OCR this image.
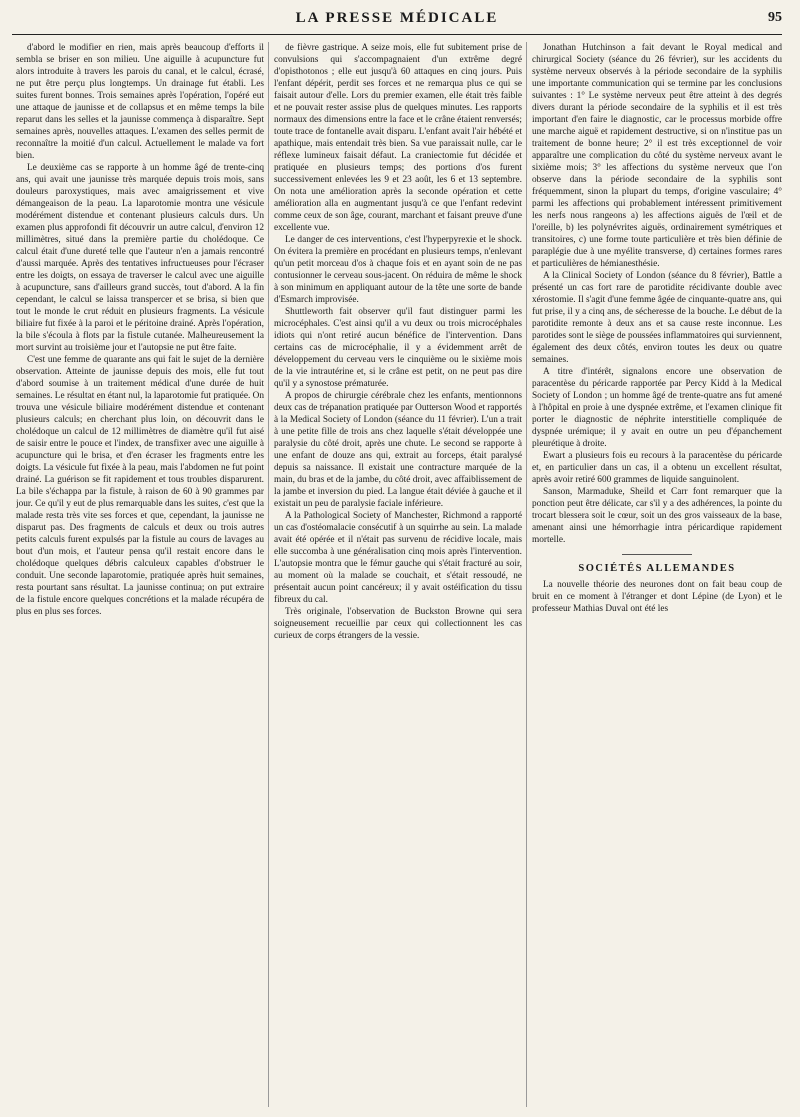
LA PRESSE MÉDICALE	95

d'abord le modifier en rien, mais après beaucoup d'efforts il sembla se briser en son milieu. Une aiguille à acupuncture fut alors introduite à travers les parois du canal, et le calcul, écrasé, ne put être perçu plus longtemps. Un drainage fut établi. Les suites furent bonnes. Trois semaines après l'opération, l'opéré eut une attaque de jaunisse et de collapsus et en même temps la bile reparut dans les selles et la jaunisse commença à disparaître. Sept semaines après, nouvelles attaques. L'examen des selles permit de reconnaître la moitié d'un calcul. Actuellement le malade va fort bien.

Le deuxième cas se rapporte à un homme âgé de trente-cinq ans, qui avait une jaunisse très marquée depuis trois mois, sans douleurs paroxystiques, mais avec amaigrissement et vive démangeaison de la peau. La laparotomie montra une vésicule modérément distendue et contenant plusieurs calculs durs. Un examen plus approfondi fit découvrir un autre calcul, d'environ 12 millimètres, situé dans la première partie du cholédoque. Ce calcul était d'une dureté telle que l'auteur n'en a jamais rencontré d'aussi marquée. Après des tentatives infructueuses pour l'écraser entre les doigts, on essaya de traverser le calcul avec une aiguille à acupuncture, sans d'ailleurs grand succès, tout d'abord. A la fin cependant, le calcul se laissa transpercer et se brisa, si bien que tout le monde le crut réduit en plusieurs fragments. La vésicule biliaire fut fixée à la paroi et le péritoine drainé. Après l'opération, la bile s'écoula à flots par la fistule cutanée. Malheureusement la mort survint au troisième jour et l'autopsie ne put être faite.

C'est une femme de quarante ans qui fait le sujet de la dernière observation. Atteinte de jaunisse depuis des mois, elle fut tout d'abord soumise à un traitement médical d'une durée de huit semaines. Le résultat en étant nul, la laparotomie fut pratiquée. On trouva une vésicule biliaire modérément distendue et contenant plusieurs calculs; en cherchant plus loin, on découvrit dans le cholédoque un calcul de 12 millimètres de diamètre qu'il fut aisé de saisir entre le pouce et l'index, de transfixer avec une aiguille à acupuncture qui le brisa, et d'en écraser les fragments entre les doigts. La vésicule fut fixée à la peau, mais l'abdomen ne fut point drainé. La guérison se fit rapidement et tous troubles disparurent. La bile s'échappa par la fistule, à raison de 60 à 90 grammes par jour. Ce qu'il y eut de plus remarquable dans les suites, c'est que la malade resta très vite ses forces et que, cependant, la jaunisse ne disparut pas. Des fragments de calculs et deux ou trois autres petits calculs furent expulsés par la fistule au cours de lavages au bout d'un mois, et l'auteur pensa qu'il restait encore dans le cholédoque quelques débris calculeux capables d'obstruer le conduit. Une seconde laparotomie, pratiquée après huit semaines, resta pourtant sans résultat. La jaunisse continua; on put extraire de la fistule encore quelques concrétions et la malade récupéra de plus en plus ses forces.

de fièvre gastrique. A seize mois, elle fut subitement prise de convulsions qui s'accompagnaient d'un extrême degré d'opisthotonos ; elle eut jusqu'à 60 attaques en cinq jours. Puis l'enfant dépérit, perdit ses forces et ne remarqua plus ce qui se faisait autour d'elle. Lors du premier examen, elle était très faible et ne pouvait rester assise plus de quelques minutes. Les rapports normaux des dimensions entre la face et le crâne étaient renversés; toute trace de fontanelle avait disparu. L'enfant avait l'air hébété et apathique, mais entendait très bien. Sa vue paraissait nulle, car le réflexe lumineux faisait défaut. La craniectomie fut décidée et pratiquée en plusieurs temps; des portions d'os furent successivement enlevées les 9 et 23 août, les 6 et 13 septembre. On nota une amélioration après la seconde opération et cette amélioration alla en augmentant jusqu'à ce que l'enfant redevint comme ceux de son âge, courant, marchant et faisant preuve d'une excellente vue.

Le danger de ces interventions, c'est l'hyperpyrexie et le shock. On évitera la première en procédant en plusieurs temps, n'enlevant qu'un petit morceau d'os à chaque fois et en ayant soin de ne pas contusionner le cerveau sous-jacent. On réduira de même le shock à son minimum en appliquant autour de la tête une sorte de bande d'Esmarch improvisée.

Shuttleworth fait observer qu'il faut distinguer parmi les microcéphales. C'est ainsi qu'il a vu deux ou trois microcéphales idiots qui n'ont retiré aucun bénéfice de l'intervention. Dans certains cas de microcéphalie, il y a évidemment arrêt de développement du cerveau vers le cinquième ou le sixième mois de la vie intrautérine et, si le crâne est petit, on ne peut pas dire qu'il y a synostose prématurée.

A propos de chirurgie cérébrale chez les enfants, mentionnons deux cas de trépanation pratiquée par Outterson Wood et rapportés à la Medical Society of London (séance du 11 février). L'un a trait à une petite fille de trois ans chez laquelle s'était développée une paralysie du côté droit, après une chute. Le second se rapporte à une enfant de douze ans qui, extrait au forceps, était paralysé depuis sa naissance. Il existait une contracture marquée de la main, du bras et de la jambe, du côté droit, avec affaiblissement de la jambe et inversion du pied. La langue était déviée à gauche et il existait un peu de paralysie faciale inférieure.

A la Pathological Society of Manchester, Richmond a rapporté un cas d'ostéomalacie consécutif à un squirrhe au sein. La malade avait été opérée et il n'était pas survenu de récidive locale, mais elle succomba à une généralisation cinq mois après l'intervention. L'autopsie montra que le fémur gauche qui s'était fracturé au soir, au moment où la malade se couchait, et s'était ressoudé, ne présentait aucun point cancéreux; il y avait ostéification du tissu fibreux du cal.

Très originale, l'observation de Buckston Browne qui sera soigneusement recueillie par ceux qui collectionnent les cas curieux de corps étrangers de la vessie.

Jonathan Hutchinson a fait devant le Royal medical and chirurgical Society (séance du 26 février), sur les accidents du système nerveux observés à la période secondaire de la syphilis une importante communication qui se termine par les conclusions suivantes : 1° Le système nerveux peut être atteint à des degrés divers durant la période secondaire de la syphilis et il est très important d'en faire le diagnostic, car le processus morbide offre une marche aiguë et rapidement destructive, si on n'institue pas un traitement de bonne heure; 2° il est très exceptionnel de voir apparaître une complication du côté du système nerveux avant le sixième mois; 3° les affections du système nerveux que l'on observe dans la période secondaire de la syphilis sont fréquemment, sinon la plupart du temps, d'origine vasculaire; 4° parmi les affections qui probablement intéressent primitivement les nerfs nous rangeons a) les affections aiguës de l'œil et de l'oreille, b) les polynévrites aiguës, ordinairement symétriques et transitoires, c) une forme toute particulière et très bien définie de paraplégie due à une myélite transverse, d) certaines formes rares et particulières de hémianesthésie.

A la Clinical Society of London (séance du 8 février), Battle a présenté un cas fort rare de parotidite récidivante double avec xérostomie. Il s'agit d'une femme âgée de cinquante-quatre ans, qui fut prise, il y a cinq ans, de sécheresse de la bouche. Le début de la parotidite remonte à deux ans et sa cause reste inconnue. Les parotides sont le siège de poussées inflammatoires qui surviennent, également des deux côtés, environ toutes les deux ou quatre semaines.

A titre d'intérêt, signalons encore une observation de paracentèse du péricarde rapportée par Percy Kidd à la Medical Society of London ; un homme âgé de trente-quatre ans fut amené à l'hôpital en proie à une dyspnée extrême, et l'examen clinique fit porter le diagnostic de néphrite interstitielle compliquée de dyspnée urémique; il y avait en outre un peu d'épanchement pleurétique à droite.

Ewart a plusieurs fois eu recours à la paracentèse du péricarde et, en particulier dans un cas, il a obtenu un excellent résultat, après avoir retiré 600 grammes de liquide sanguinolent.

Sanson, Marmaduke, Sheild et Carr font remarquer que la ponction peut être délicate, car s'il y a des adhérences, la pointe du trocart blessera soit le cœur, soit un des gros vaisseaux de la base, amenant ainsi une hémorrhagie intra péricardique rapidement mortelle.

SOCIÉTÉS ALLEMANDES

La nouvelle théorie des neurones dont on fait beau coup de bruit en ce moment à l'étranger et dont Lépine (de Lyon) et le professeur Mathias Duval ont été les
